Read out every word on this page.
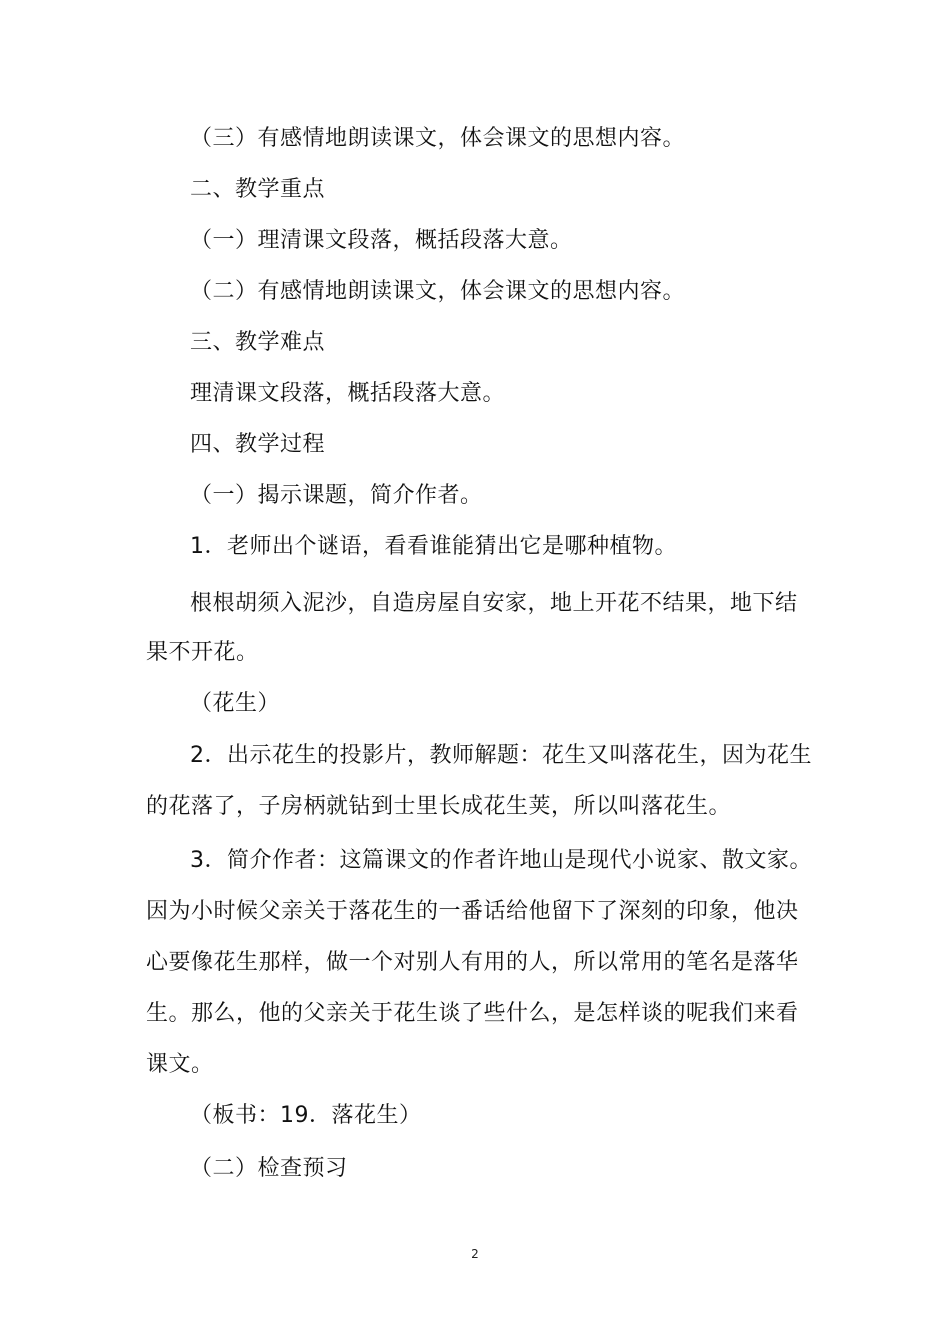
（三）有感情地朗读课文，体会课文的思想内容。
二、教学重点
（一）理清课文段落，概括段落大意。
（二）有感情地朗读课文，体会课文的思想内容。
三、教学难点
理清课文段落，概括段落大意。
四、教学过程
（一）揭示课题，简介作者。
1．老师出个谜语，看看谁能猜出它是哪种植物。
根根胡须入泥沙，自造房屋自安家，地上开花不结果，地下结
果不开花。
（花生）
2．出示花生的投影片，教师解题：花生又叫落花生，因为花生
的花落了，子房柄就钻到士里长成花生荚，所以叫落花生。
3．简介作者：这篇课文的作者许地山是现代小说家、散文家。
因为小时候父亲关于落花生的一番话给他留下了深刻的印象，他决
心要像花生那样，做一个对别人有用的人，所以常用的笔名是落华
生。那么，他的父亲关于花生谈了些什么，是怎样谈的呢我们来看
课文。
（板书：19．落花生）
（二）检查预习
2
